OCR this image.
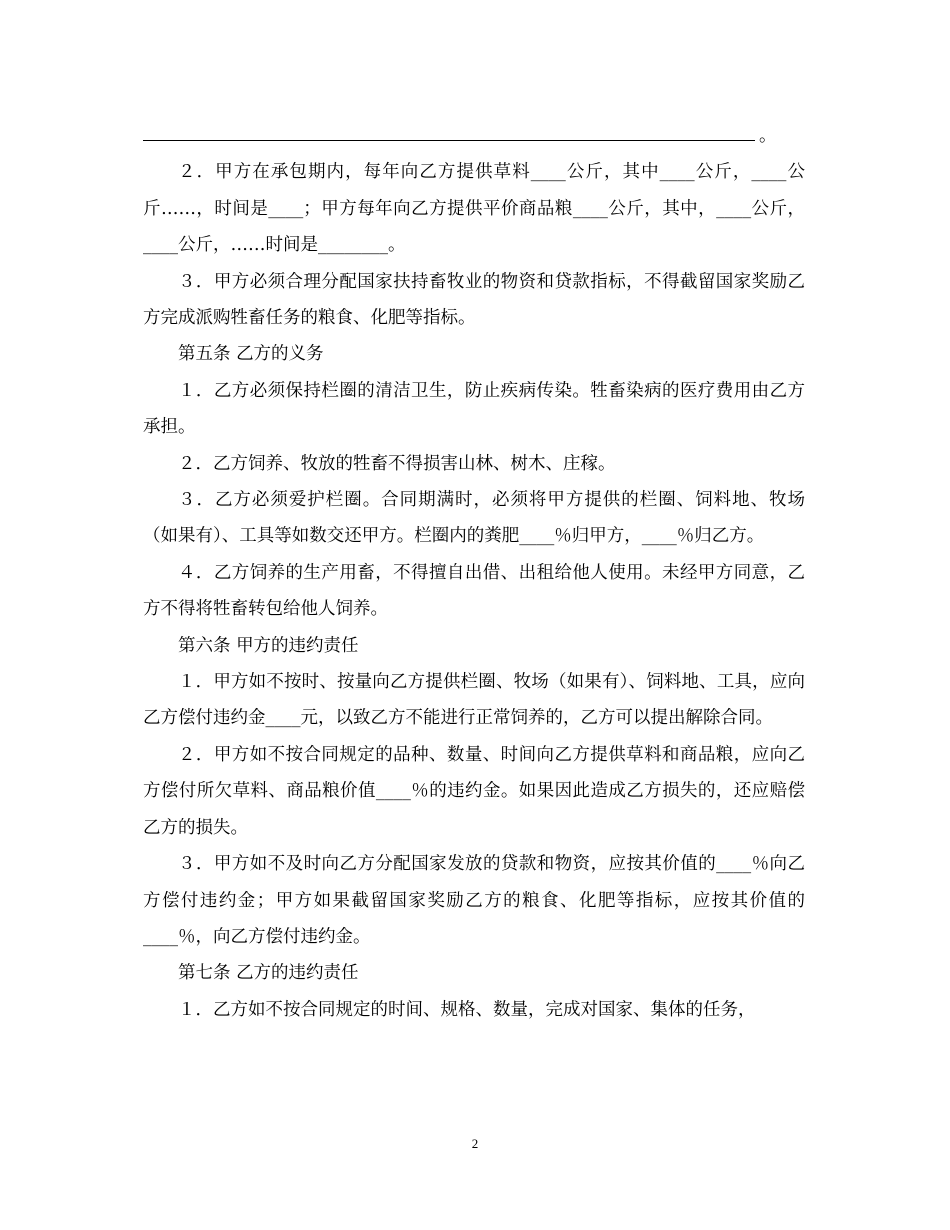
。

２．甲方在承包期内，每年向乙方提供草料____公斤，其中____公斤，____公斤……，时间是____；甲方每年向乙方提供平价商品粮____公斤，其中，____公斤，____公斤，……时间是________。

３．甲方必须合理分配国家扶持畜牧业的物资和贷款指标，不得截留国家奖励乙方完成派购牲畜任务的粮食、化肥等指标。

第五条 乙方的义务

１．乙方必须保持栏圈的清洁卫生，防止疾病传染。牲畜染病的医疗费用由乙方承担。

２．乙方饲养、牧放的牲畜不得损害山林、树木、庄稼。

３．乙方必须爱护栏圈。合同期满时，必须将甲方提供的栏圈、饲料地、牧场（如果有）、工具等如数交还甲方。栏圈内的粪肥____％归甲方，____％归乙方。

４．乙方饲养的生产用畜，不得擅自出借、出租给他人使用。未经甲方同意，乙方不得将牲畜转包给他人饲养。

第六条 甲方的违约责任

１．甲方如不按时、按量向乙方提供栏圈、牧场（如果有）、饲料地、工具，应向乙方偿付违约金____元，以致乙方不能进行正常饲养的，乙方可以提出解除合同。

２．甲方如不按合同规定的品种、数量、时间向乙方提供草料和商品粮，应向乙方偿付所欠草料、商品粮价值____％的违约金。如果因此造成乙方损失的，还应赔偿乙方的损失。

３．甲方如不及时向乙方分配国家发放的贷款和物资，应按其价值的____％向乙方偿付违约金；甲方如果截留国家奖励乙方的粮食、化肥等指标，应按其价值的____％，向乙方偿付违约金。

第七条 乙方的违约责任

１．乙方如不按合同规定的时间、规格、数量，完成对国家、集体的任务，

2
